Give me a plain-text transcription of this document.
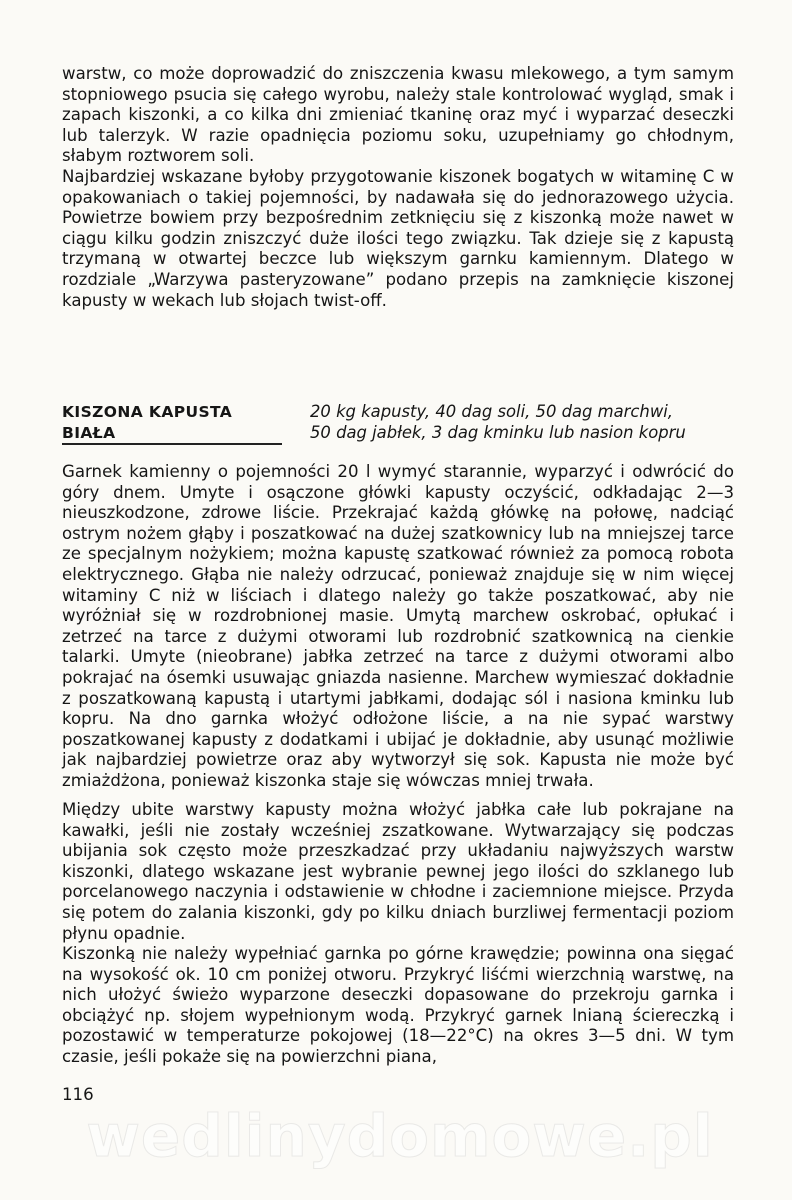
warstw, co może doprowadzić do zniszczenia kwasu mlekowego, a tym samym stopniowego psucia się całego wyrobu, należy stale kontrolować wygląd, smak i zapach kiszonki, a co kilka dni zmieniać tkaninę oraz myć i wyparzać deseczki lub talerzyk. W razie opadnięcia poziomu soku, uzupełniamy go chłodnym, słabym roztworem soli.

Najbardziej wskazane byłoby przygotowanie kiszonek bogatych w witaminę C w opakowaniach o takiej pojemności, by nadawała się do jednorazowego użycia. Powietrze bowiem przy bezpośrednim zetknięciu się z kiszonką może nawet w ciągu kilku godzin zniszczyć duże ilości tego związku. Tak dzieje się z kapustą trzymaną w otwartej beczce lub większym garnku kamiennym. Dlatego w rozdziale „Warzywa pasteryzowane” podano przepis na zamknięcie kiszonej kapusty w wekach lub słojach twist-off.

KISZONA KAPUSTA
BIAŁA
20 kg kapusty, 40 dag soli, 50 dag marchwi,
50 dag jabłek, 3 dag kminku lub nasion kopru

Garnek kamienny o pojemności 20 l wymyć starannie, wyparzyć i odwrócić do góry dnem. Umyte i osączone główki kapusty oczyścić, odkładając 2—3 nieuszkodzone, zdrowe liście. Przekrajać każdą główkę na połowę, nadciąć ostrym nożem głąby i poszatkować na dużej szatkownicy lub na mniejszej tarce ze specjalnym nożykiem; można kapustę szatkować również za pomocą robota elektrycznego. Głąba nie należy odrzucać, ponieważ znajduje się w nim więcej witaminy C niż w liściach i dlatego należy go także poszatkować, aby nie wyróżniał się w rozdrobnionej masie. Umytą marchew oskrobać, opłukać i zetrzeć na tarce z dużymi otworami lub rozdrobnić szatkownicą na cienkie talarki. Umyte (nieobrane) jabłka zetrzeć na tarce z dużymi otworami albo pokrajać na ósemki usuwając gniazda nasienne. Marchew wymieszać dokładnie z poszatkowaną kapustą i utartymi jabłkami, dodając sól i nasiona kminku lub kopru. Na dno garnka włożyć odłożone liście, a na nie sypać warstwy poszatkowanej kapusty z dodatkami i ubijać je dokładnie, aby usunąć możliwie jak najbardziej powietrze oraz aby wytworzył się sok. Kapusta nie może być zmiażdżona, ponieważ kiszonka staje się wówczas mniej trwała.

Między ubite warstwy kapusty można włożyć jabłka całe lub pokrajane na kawałki, jeśli nie zostały wcześniej zszatkowane. Wytwarzający się podczas ubijania sok często może przeszkadzać przy układaniu najwyższych warstw kiszonki, dlatego wskazane jest wybranie pewnej jego ilości do szklanego lub porcelanowego naczynia i odstawienie w chłodne i zaciemnione miejsce. Przyda się potem do zalania kiszonki, gdy po kilku dniach burzliwej fermentacji poziom płynu opadnie.

Kiszonką nie należy wypełniać garnka po górne krawędzie; powinna ona sięgać na wysokość ok. 10 cm poniżej otworu. Przykryć liśćmi wierzchnią warstwę, na nich ułożyć świeżo wyparzone deseczki dopasowane do przekroju garnka i obciążyć np. słojem wypełnionym wodą. Przykryć garnek lnianą ściereczką i pozostawić w temperaturze pokojowej (18—22°C) na okres 3—5 dni. W tym czasie, jeśli pokaże się na powierzchni piana,

116
wedlinydomowe.pl
